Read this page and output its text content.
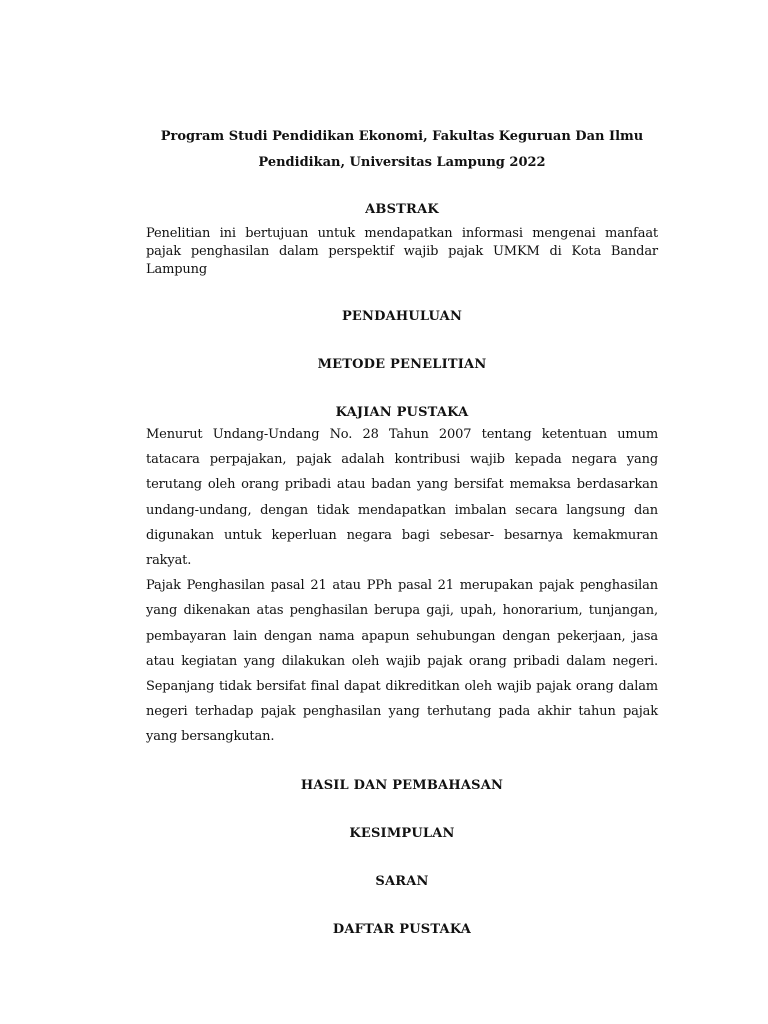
Program Studi Pendidikan Ekonomi, Fakultas Keguruan Dan Ilmu

Pendidikan, Universitas Lampung 2022

ABSTRAK

Penelitian ini bertujuan untuk mendapatkan informasi mengenai manfaat pajak penghasilan dalam perspektif wajib pajak UMKM di Kota Bandar Lampung

PENDAHULUAN

METODE PENELITIAN

KAJIAN PUSTAKA

Menurut Undang-Undang No. 28 Tahun 2007 tentang ketentuan umum tatacara perpajakan, pajak adalah kontribusi wajib kepada negara yang terutang oleh orang pribadi atau badan yang bersifat memaksa berdasarkan undang-undang, dengan tidak mendapatkan imbalan secara langsung dan digunakan untuk keperluan negara bagi sebesar- besarnya kemakmuran rakyat.

Pajak Penghasilan pasal 21 atau PPh pasal 21 merupakan pajak penghasilan yang dikenakan atas penghasilan berupa gaji, upah, honorarium, tunjangan, pembayaran lain dengan nama apapun sehubungan dengan pekerjaan, jasa atau kegiatan yang dilakukan oleh wajib pajak orang pribadi dalam negeri. Sepanjang tidak bersifat final dapat dikreditkan oleh wajib pajak orang dalam negeri terhadap pajak penghasilan yang terhutang pada akhir tahun pajak yang bersangkutan.

HASIL DAN PEMBAHASAN

KESIMPULAN

SARAN

DAFTAR PUSTAKA
